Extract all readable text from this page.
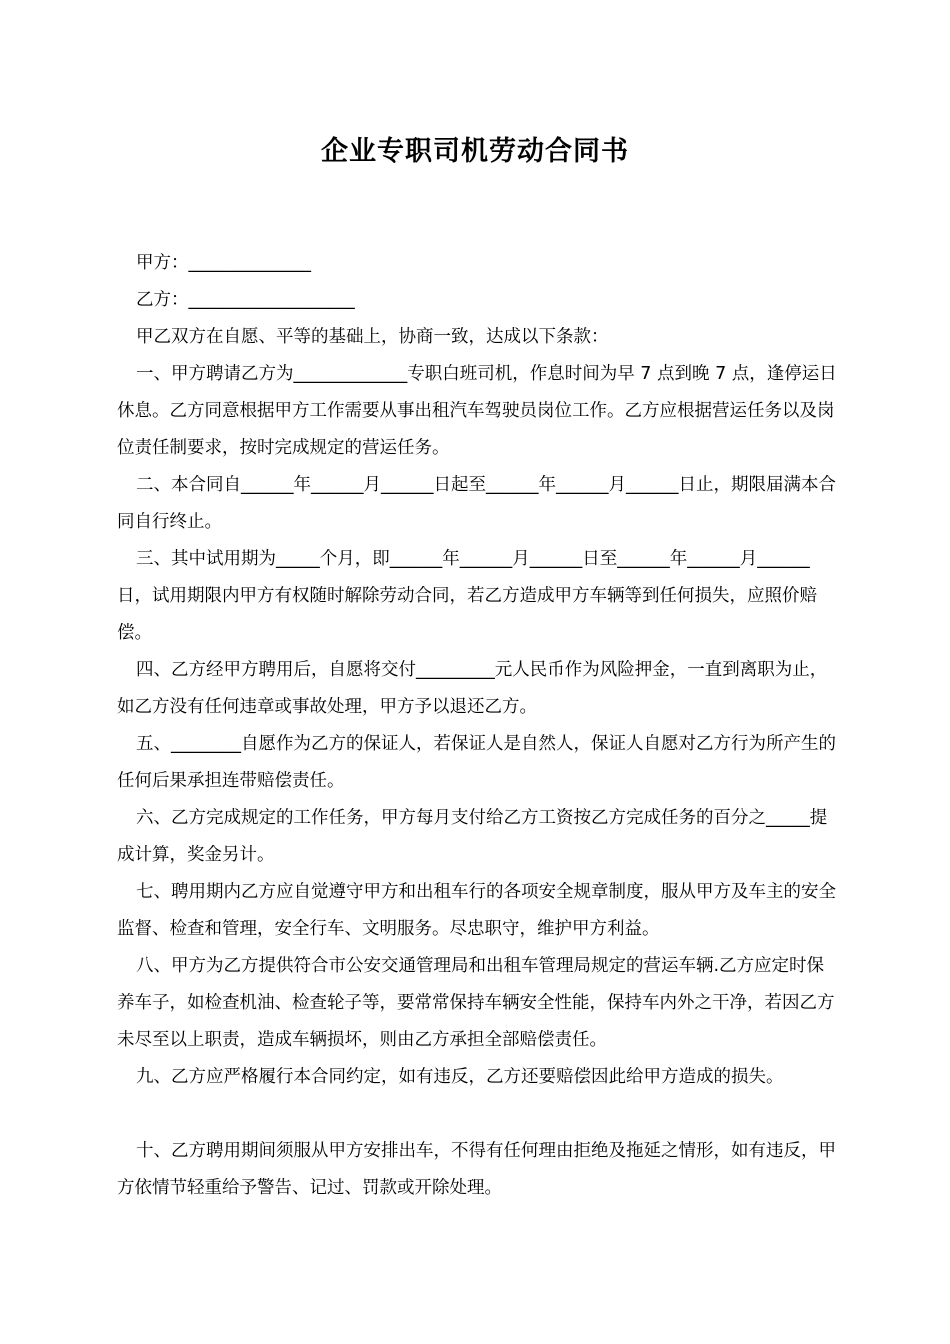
企业专职司机劳动合同书

甲方：______________

乙方：___________________

甲乙双方在自愿、平等的基础上，协商一致，达成以下条款：

一、甲方聘请乙方为_____________专职白班司机，作息时间为早 7 点到晚 7 点，逢停运日休息。乙方同意根据甲方工作需要从事出租汽车驾驶员岗位工作。乙方应根据营运任务以及岗位责任制要求，按时完成规定的营运任务。

二、本合同自______年______月______日起至______年______月______日止，期限届满本合同自行终止。

三、其中试用期为_____个月，即______年______月______日至______年______月______日，试用期限内甲方有权随时解除劳动合同，若乙方造成甲方车辆等到任何损失，应照价赔偿。

四、乙方经甲方聘用后，自愿将交付_________元人民币作为风险押金，一直到离职为止，如乙方没有任何违章或事故处理，甲方予以退还乙方。

五、________自愿作为乙方的保证人，若保证人是自然人，保证人自愿对乙方行为所产生的任何后果承担连带赔偿责任。

六、乙方完成规定的工作任务，甲方每月支付给乙方工资按乙方完成任务的百分之_____提成计算，奖金另计。

七、聘用期内乙方应自觉遵守甲方和出租车行的各项安全规章制度，服从甲方及车主的安全监督、检查和管理，安全行车、文明服务。尽忠职守，维护甲方利益。

八、甲方为乙方提供符合市公安交通管理局和出租车管理局规定的营运车辆.乙方应定时保养车子，如检查机油、检查轮子等，要常常保持车辆安全性能，保持车内外之干净，若因乙方未尽至以上职责，造成车辆损坏，则由乙方承担全部赔偿责任。

九、乙方应严格履行本合同约定，如有违反，乙方还要赔偿因此给甲方造成的损失。

十、乙方聘用期间须服从甲方安排出车，不得有任何理由拒绝及拖延之情形，如有违反，甲方依情节轻重给予警告、记过、罚款或开除处理。
